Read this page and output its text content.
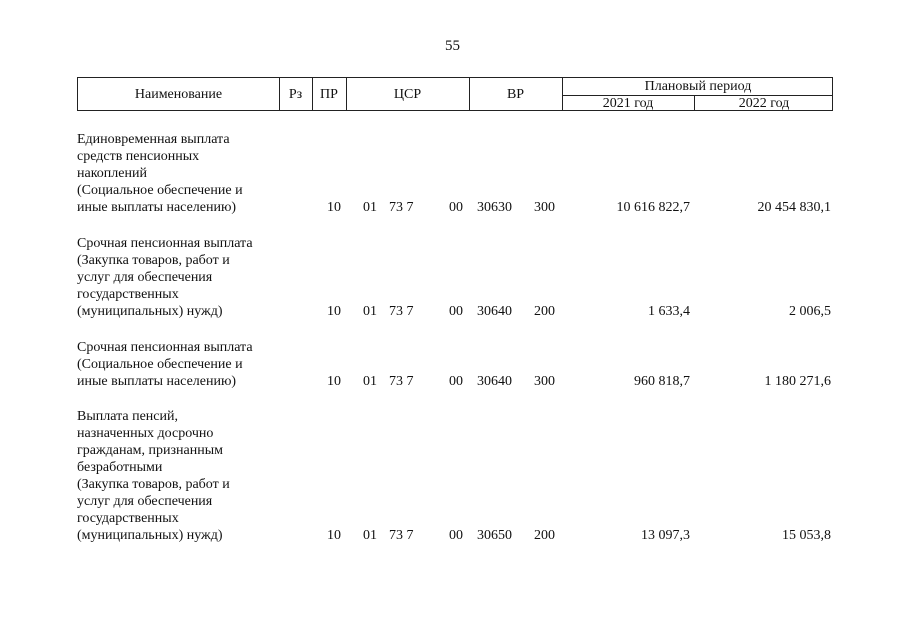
55
Наименование	Рз	ПР	ЦСР	ВР
Плановый период
2021 год	2022 год
Единовременная выплата
средств пенсионных
накоплений
(Социальное обеспечение и
иные выплаты населению)	10 01 73 7	00 30630 300	10 616 822,7	20 454 830,1
Срочная пенсионная выплата
(Закупка товаров, работ и
услуг для обеспечения
государственных
(муниципальных) нужд)	10 01 73 7	00 30640 200	1 633,4	2 006,5
Срочная пенсионная выплата
(Социальное обеспечение и
иные выплаты населению)	10 01 73 7	00 30640 300	960 818,7	1 180 271,6
Выплата пенсий,
назначенных досрочно
гражданам, признанным
безработными
(Закупка товаров, работ и
услуг для обеспечения
государственных
(муниципальных) нужд)	10 01 73 7	00 30650 200	13 097,3	15 053,8
